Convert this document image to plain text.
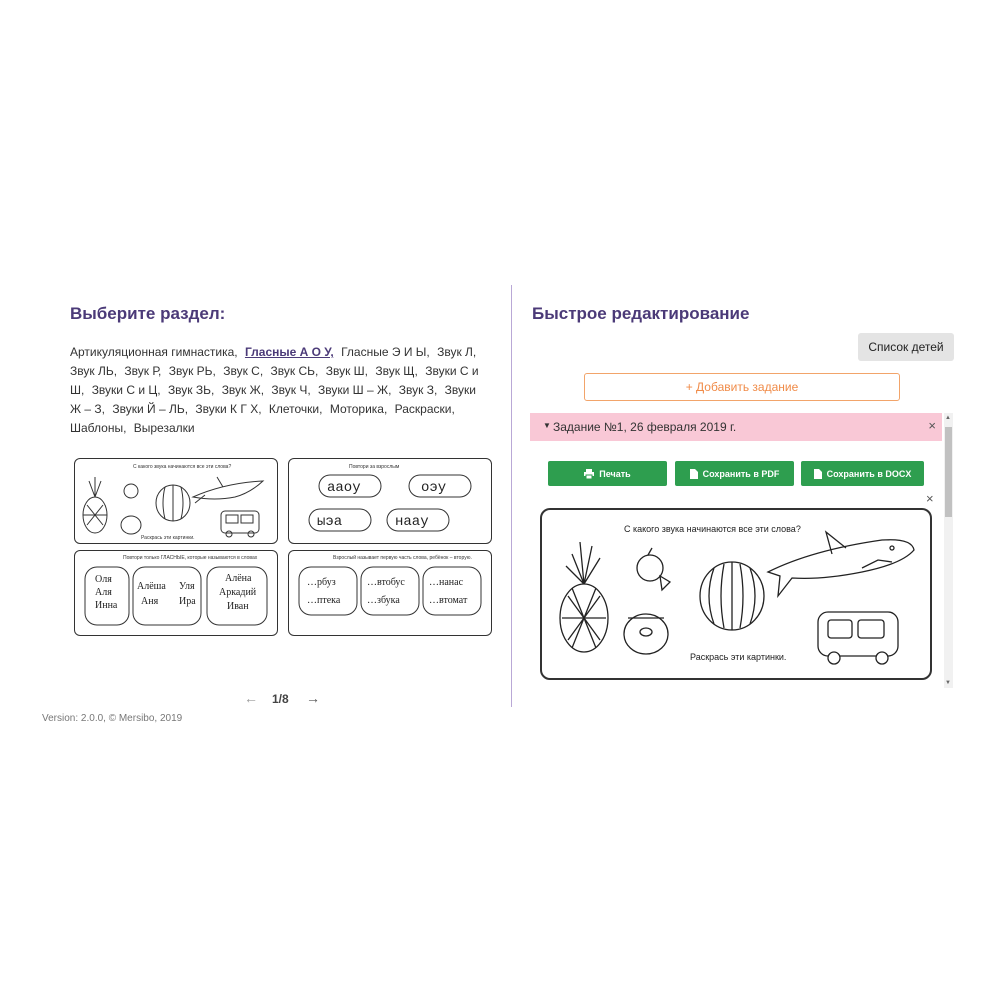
Выберите раздел:
Артикуляционная гимнастика, Гласные А О У, Гласные Э И Ы, Звук Л, Звук ЛЬ, Звук Р, Звук РЬ, Звук С, Звук СЬ, Звук Ш, Звук Щ, Звуки С и Ш, Звуки С и Ц, Звук ЗЬ, Звук Ж, Звук Ч, Звуки Ш – Ж, Звук З, Звуки Ж – З, Звуки Й – ЛЬ, Звуки К Г Х, Клеточки, Моторика, Раскраски, Шаблоны, Вырезалки
С какого звука начинаются все эти слова?
Раскрась эти картинки.
Повтори за взрослым
аaоу	оэу
ыэа	наау
Повтори только ГЛАСНЫЕ, которые называются в словах
Оля
Аля
Инна
Алёша
Аня
Уля
Ира
Алёна
Аркадий
Иван
Взрослый называет первую часть слова, ребёнок – вторую.
…рбуз
…птека
…втобус
…збука
…нанас
…втомат
← 1/8 →
Version: 2.0.0, © Mersibo, 2019
Быстрое редактирование
Список детей
+ Добавить задание
▼ Задание №1, 26 февраля 2019 г.	× ▲
▼
Печать	Сохранить в PDF	Сохранить в DOCX
×
С какого звука начинаются все эти слова?
Раскрась эти картинки.
